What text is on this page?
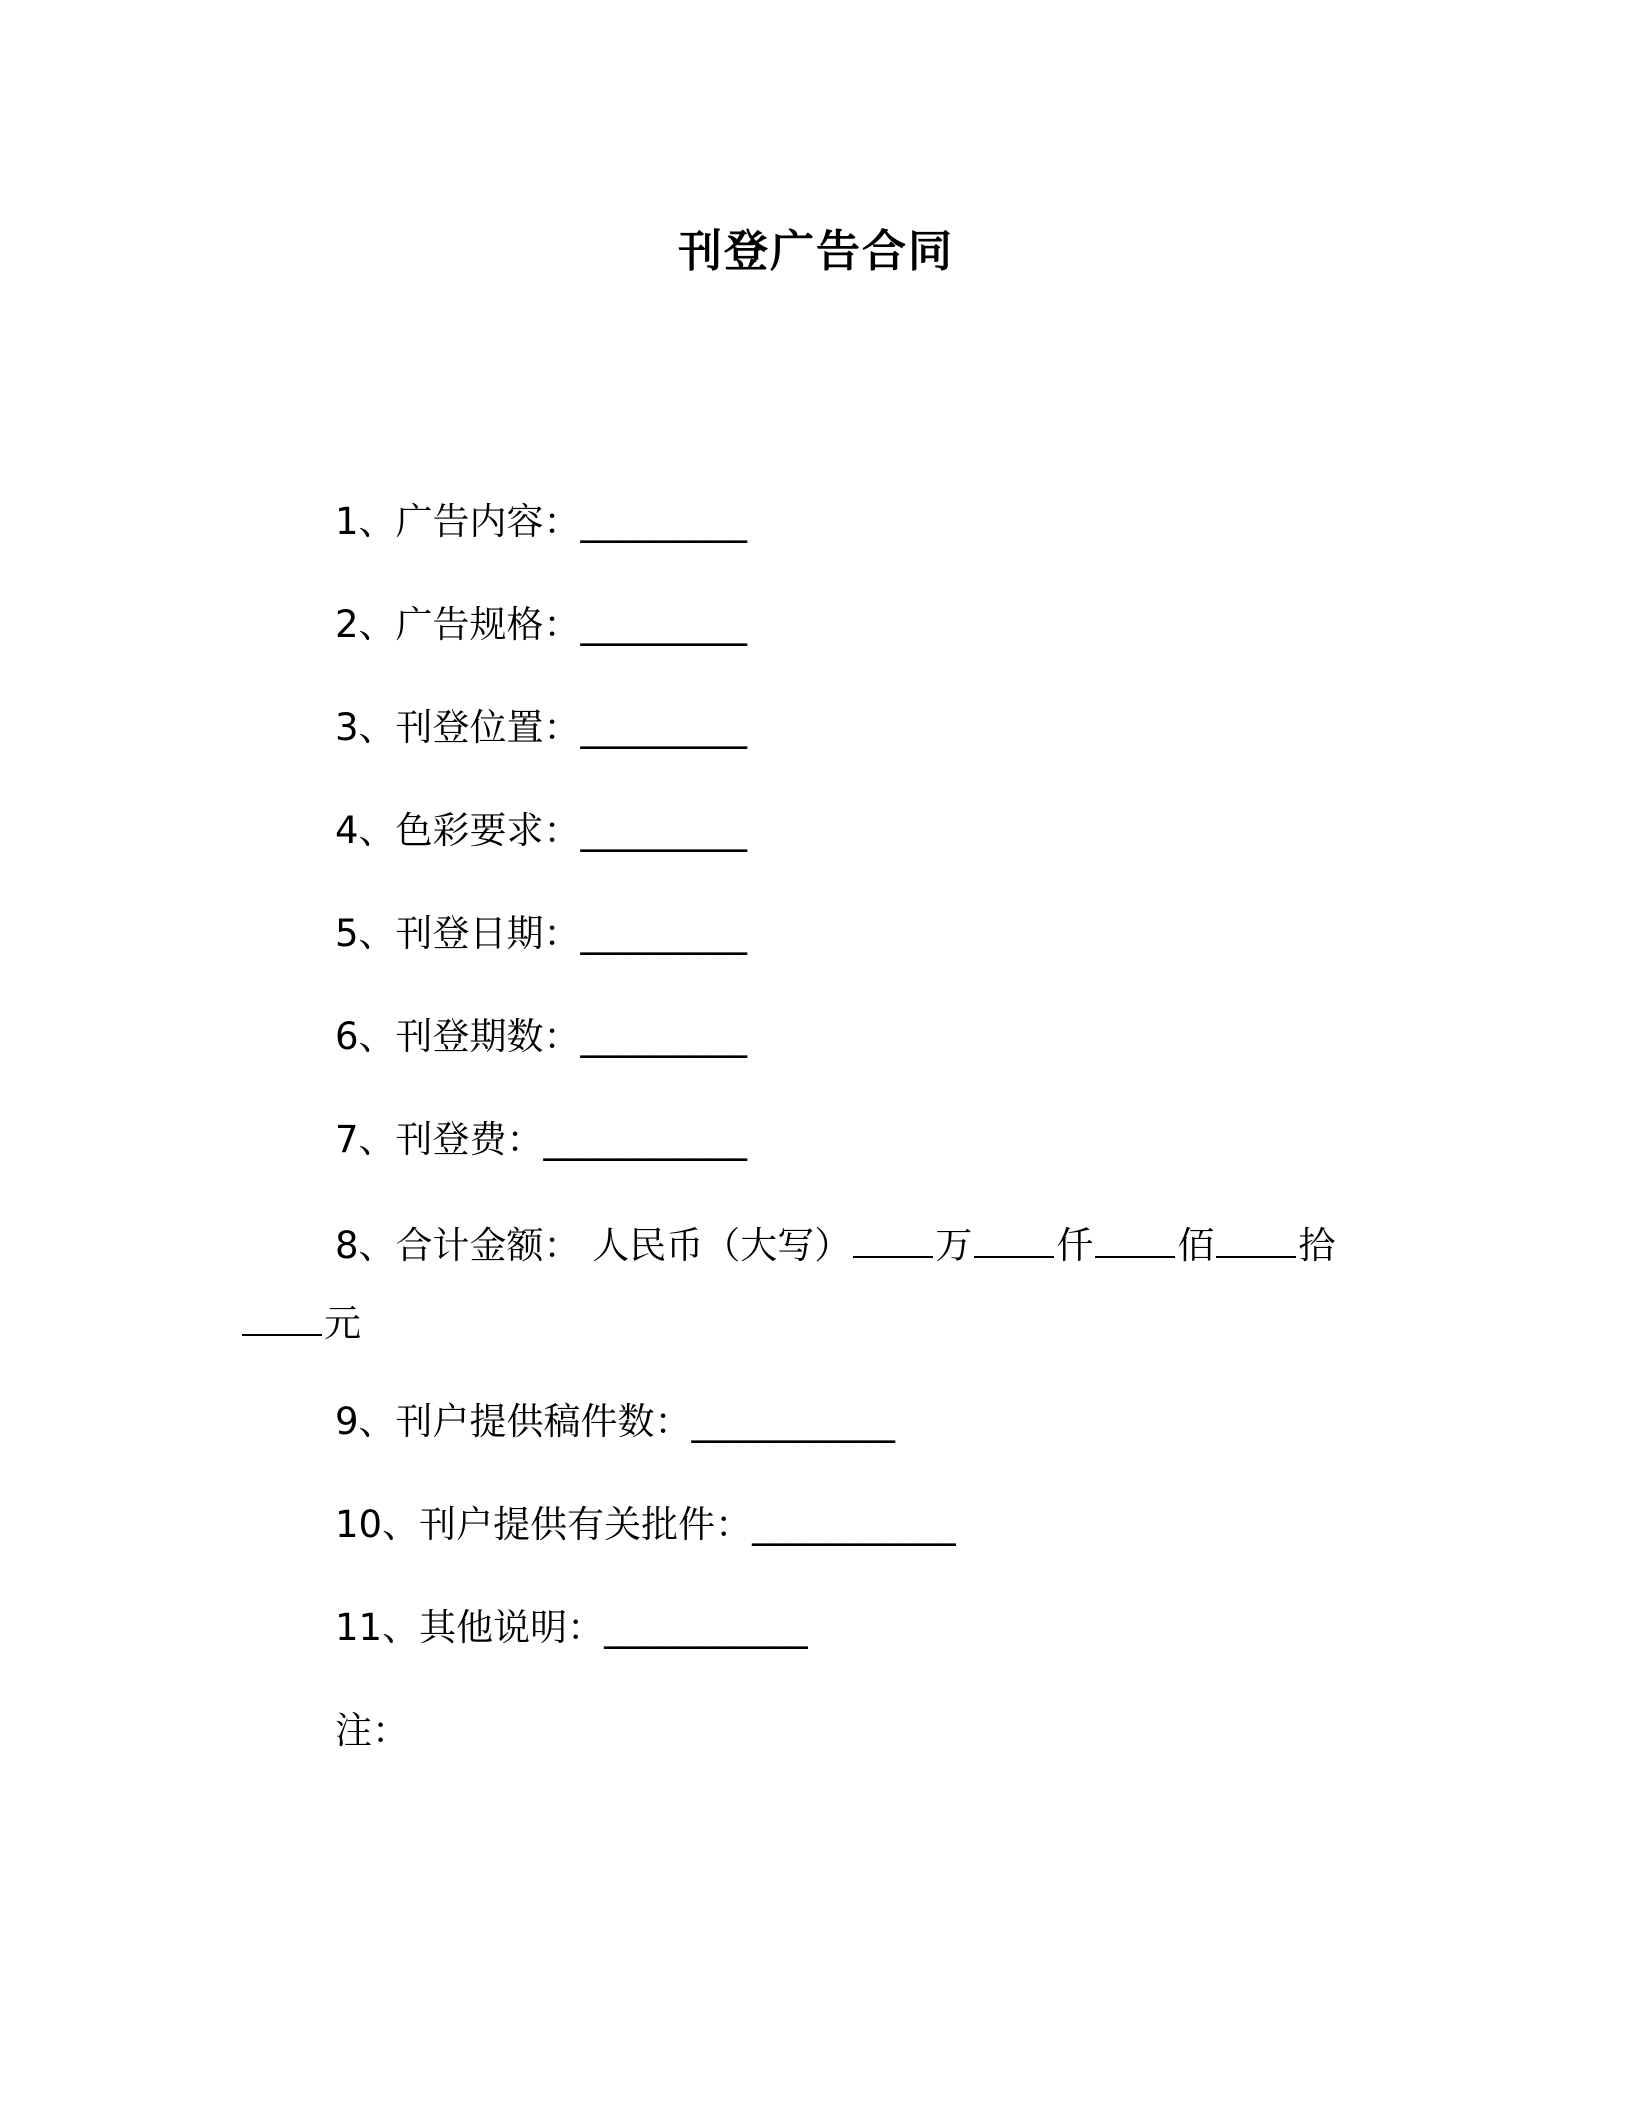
刊登广告合同
1、广告内容：_________
2、广告规格：_________
3、刊登位置：_________
4、色彩要求：_________
5、刊登日期：_________
6、刊登期数：_________
7、刊登费：___________
8、合计金额： 人民币（大写） 万 仟 佰 拾元
9、刊户提供稿件数：___________
10、刊户提供有关批件：___________
11、其他说明：___________
注：
